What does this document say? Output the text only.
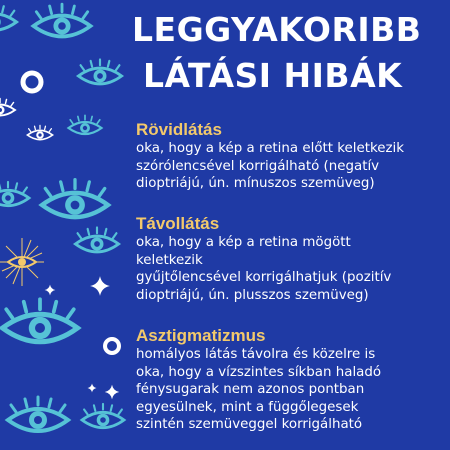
LEGGYAKORIBB
LÁTÁSI HIBÁK
Rövidlátás
oka, hogy a kép a retina előtt keletkezik
szórólencsével korrigálható (negatív
dioptriájú, ún. mínuszos szemüveg)
Távollátás
oka, hogy a kép a retina mögött
keletkezik
gyűjtőlencsével korrigálhatjuk (pozitív
dioptriájú, ún. plusszos szemüveg)
Asztigmatizmus
homályos látás távolra és közelre is
oka, hogy a vízszintes síkban haladó
fénysugarak nem azonos pontban
egyesülnek, mint a függőlegesek
szintén szemüveggel korrigálható
